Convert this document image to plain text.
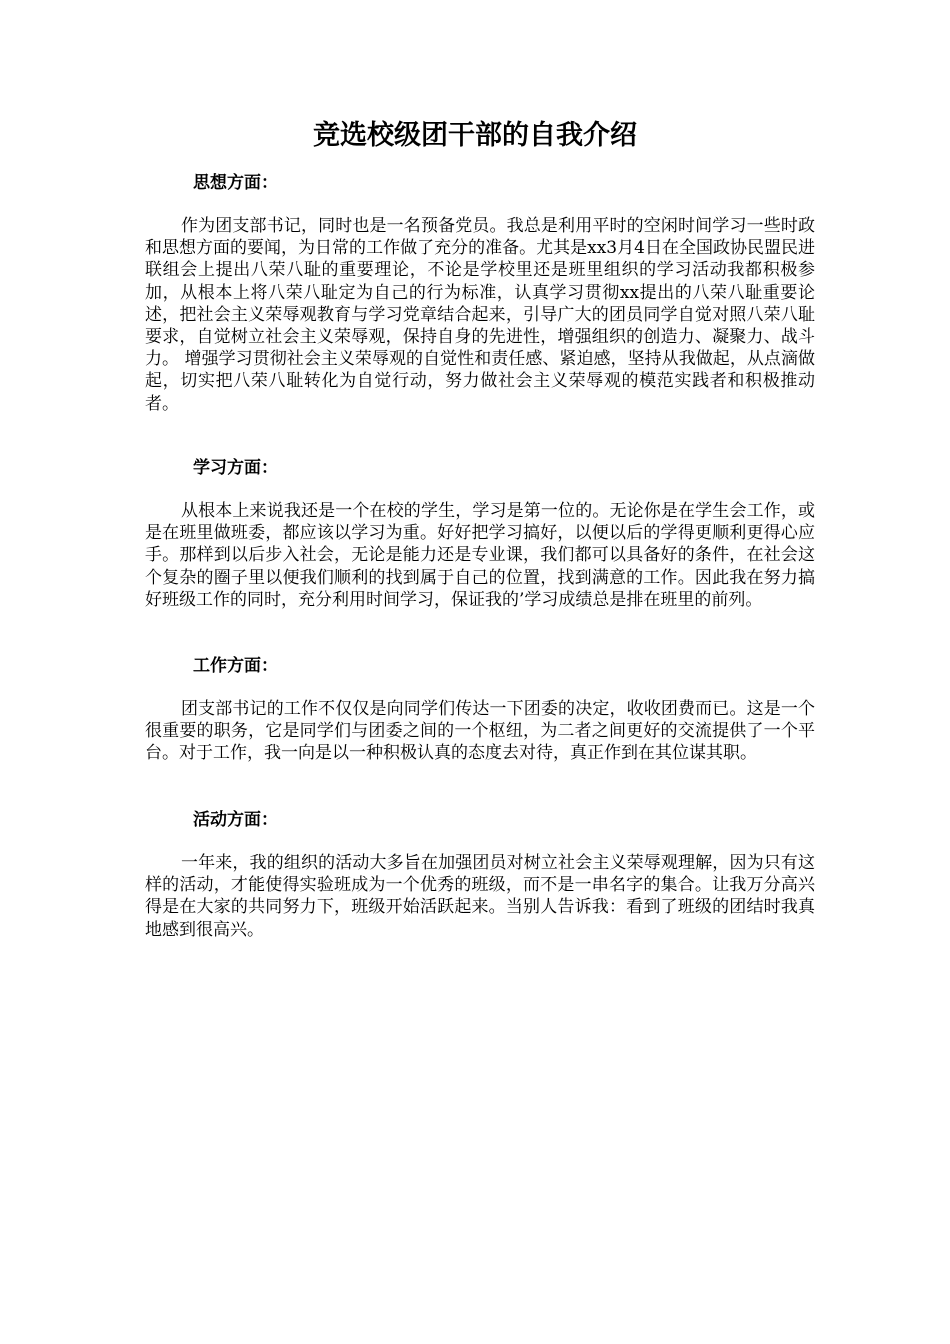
竞选校级团干部的自我介绍

思想方面：

作为团支部书记，同时也是一名预备党员。我总是利用平时的空闲时间学习一些时政和思想方面的要闻，为日常的工作做了充分的准备。尤其是xx3月4日在全国政协民盟民进联组会上提出八荣八耻的重要理论，不论是学校里还是班里组织的学习活动我都积极参加，从根本上将八荣八耻定为自己的行为标准，认真学习贯彻xx提出的八荣八耻重要论述，把社会主义荣辱观教育与学习党章结合起来，引导广大的团员同学自觉对照八荣八耻要求，自觉树立社会主义荣辱观，保持自身的先进性，增强组织的创造力、凝聚力、战斗力。 增强学习贯彻社会主义荣辱观的自觉性和责任感、紧迫感，坚持从我做起，从点滴做起，切实把八荣八耻转化为自觉行动，努力做社会主义荣辱观的模范实践者和积极推动者。

学习方面：

从根本上来说我还是一个在校的学生，学习是第一位的。无论你是在学生会工作，或是在班里做班委，都应该以学习为重。好好把学习搞好，以便以后的学得更顺利更得心应手。那样到以后步入社会，无论是能力还是专业课，我们都可以具备好的条件，在社会这个复杂的圈子里以便我们顺利的找到属于自己的位置，找到满意的工作。因此我在努力搞好班级工作的同时，充分利用时间学习，保证我的’学习成绩总是排在班里的前列。

工作方面：

团支部书记的工作不仅仅是向同学们传达一下团委的决定，收收团费而已。这是一个很重要的职务，它是同学们与团委之间的一个枢纽，为二者之间更好的交流提供了一个平台。对于工作，我一向是以一种积极认真的态度去对待，真正作到在其位谋其职。

活动方面：

一年来，我的组织的活动大多旨在加强团员对树立社会主义荣辱观理解，因为只有这样的活动，才能使得实验班成为一个优秀的班级，而不是一串名字的集合。让我万分高兴得是在大家的共同努力下，班级开始活跃起来。当别人告诉我：看到了班级的团结时我真地感到很高兴。
